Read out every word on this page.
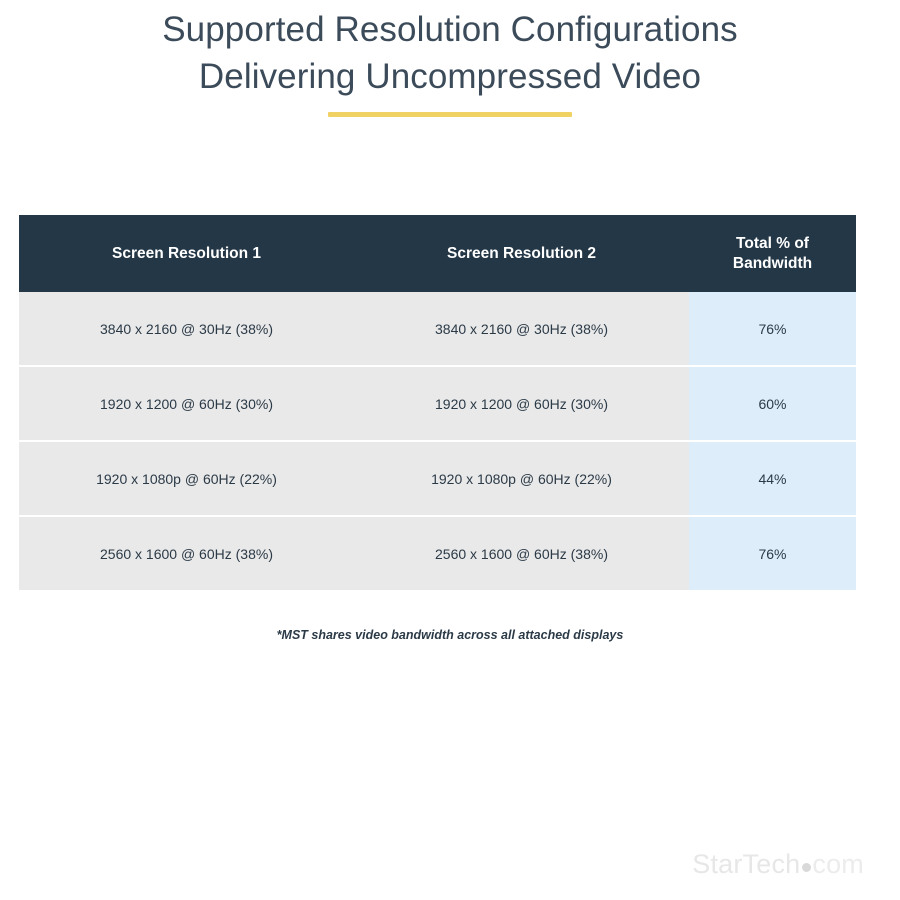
Supported Resolution Configurations
Delivering Uncompressed Video
Screen Resolution 1	Screen Resolution 2	Total % of
Bandwidth
3840 x 2160 @ 30Hz (38%)	3840 x 2160 @ 30Hz (38%)	76%
1920 x 1200 @ 60Hz (30%)	1920 x 1200 @ 60Hz (30%)	60%
1920 x 1080p @ 60Hz (22%)	1920 x 1080p @ 60Hz (22%)	44%
2560 x 1600 @ 60Hz (38%)	2560 x 1600 @ 60Hz (38%)	76%
*MST shares video bandwidth across all attached displays
StarTech com
